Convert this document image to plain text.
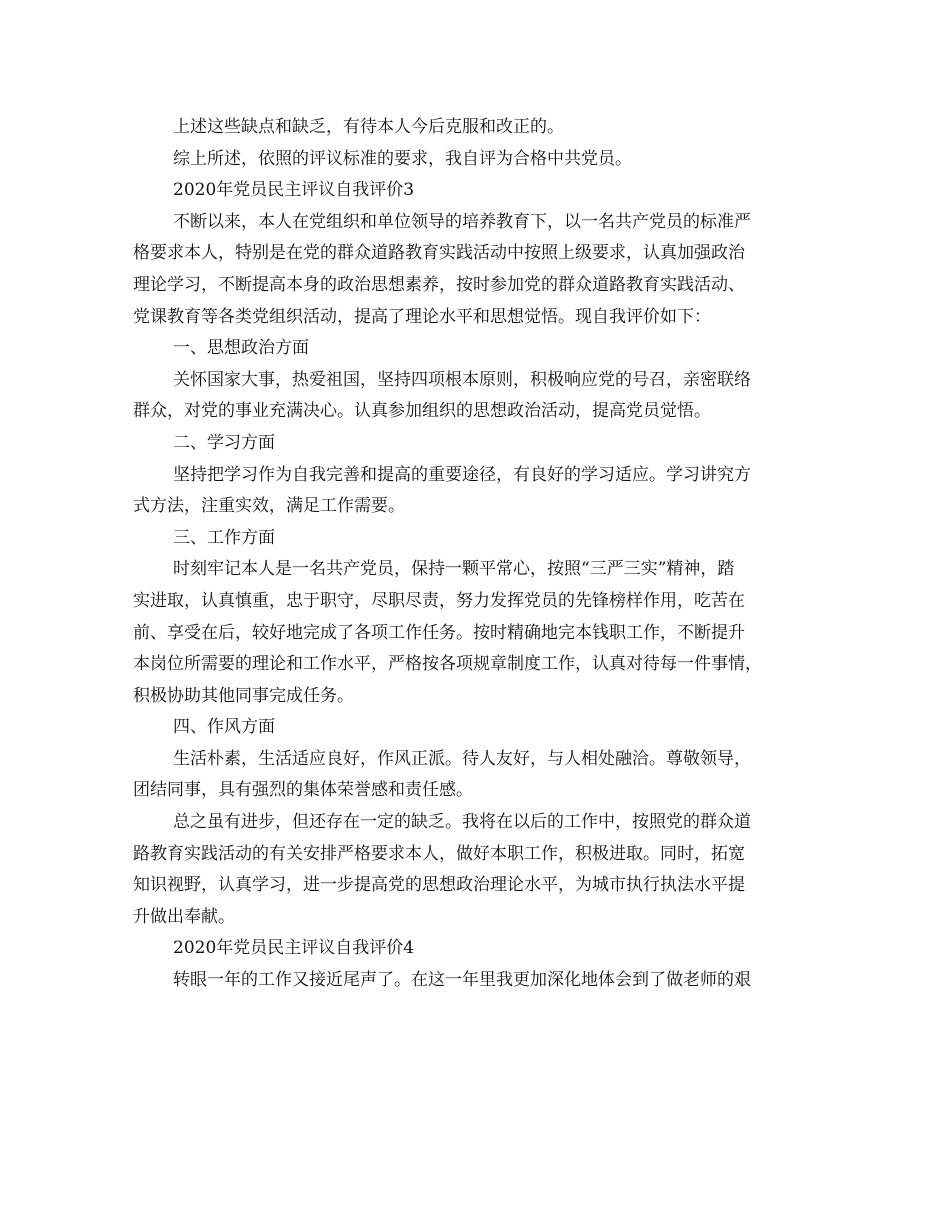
上述这些缺点和缺乏，有待本人今后克服和改正的。
综上所述，依照的评议标准的要求，我自评为合格中共党员。
2020年党员民主评议自我评价3
不断以来，本人在党组织和单位领导的培养教育下，以一名共产党员的标准严
格要求本人，特别是在党的群众道路教育实践活动中按照上级要求，认真加强政治
理论学习，不断提高本身的政治思想素养，按时参加党的群众道路教育实践活动、
党课教育等各类党组织活动，提高了理论水平和思想觉悟。现自我评价如下：
一、思想政治方面
关怀国家大事，热爱祖国，坚持四项根本原则，积极响应党的号召，亲密联络
群众，对党的事业充满决心。认真参加组织的思想政治活动，提高党员觉悟。
二、学习方面
坚持把学习作为自我完善和提高的重要途径，有良好的学习适应。学习讲究方
式方法，注重实效，满足工作需要。
三、工作方面
时刻牢记本人是一名共产党员，保持一颗平常心，按照“三严三实”精神，踏
实进取，认真慎重，忠于职守，尽职尽责，努力发挥党员的先锋榜样作用，吃苦在
前、享受在后，较好地完成了各项工作任务。按时精确地完本钱职工作，不断提升
本岗位所需要的理论和工作水平，严格按各项规章制度工作，认真对待每一件事情，
积极协助其他同事完成任务。
四、作风方面
生活朴素，生活适应良好，作风正派。待人友好，与人相处融洽。尊敬领导，
团结同事，具有强烈的集体荣誉感和责任感。
总之虽有进步，但还存在一定的缺乏。我将在以后的工作中，按照党的群众道
路教育实践活动的有关安排严格要求本人，做好本职工作，积极进取。同时，拓宽
知识视野，认真学习，进一步提高党的思想政治理论水平，为城市执行执法水平提
升做出奉献。
2020年党员民主评议自我评价4
转眼一年的工作又接近尾声了。在这一年里我更加深化地体会到了做老师的艰
